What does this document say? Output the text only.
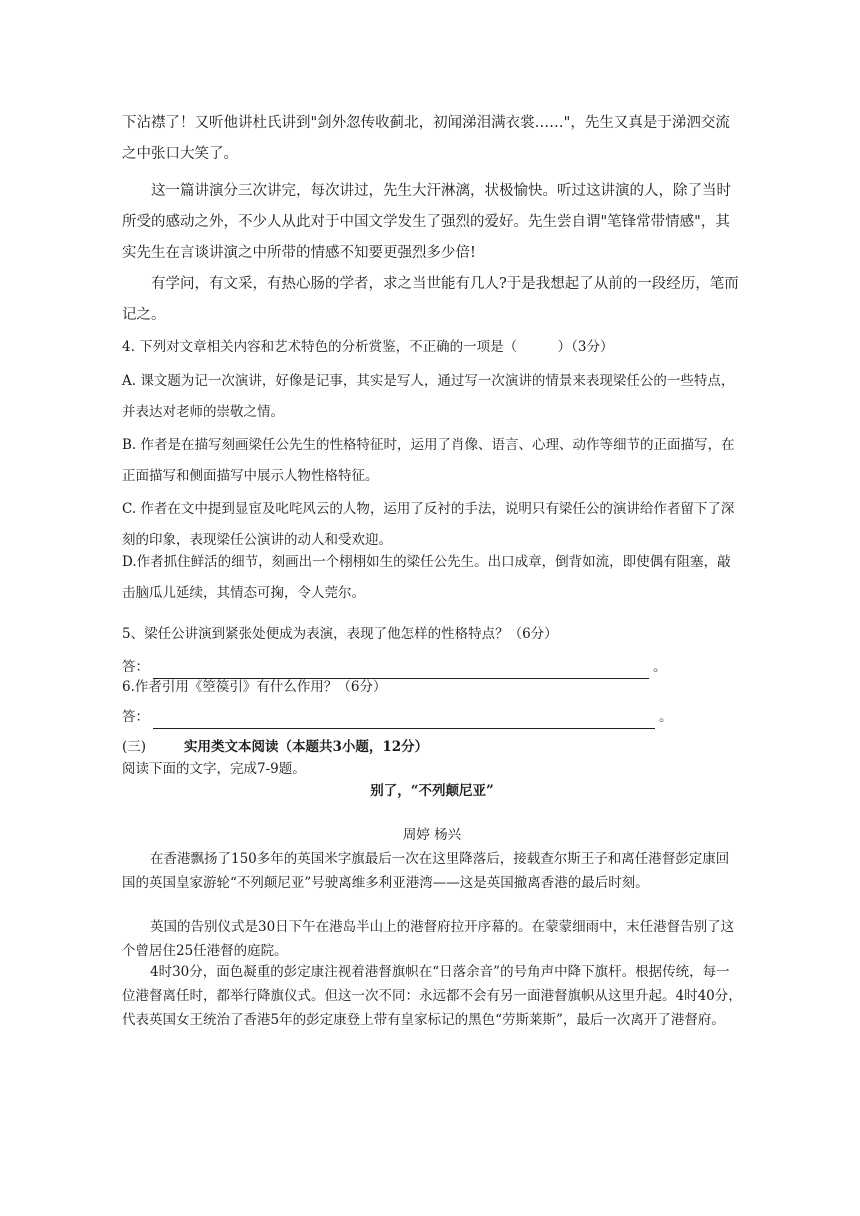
下沾襟了！又听他讲杜氏讲到"剑外忽传收蓟北，初闻涕泪满衣裳……"，先生又真是于涕泗交流之中张口大笑了。

这一篇讲演分三次讲完，每次讲过，先生大汗淋漓，状极愉快。听过这讲演的人，除了当时所受的感动之外，不少人从此对于中国文学发生了强烈的爱好。先生尝自谓"笔锋常带情感"，其实先生在言谈讲演之中所带的情感不知要更强烈多少倍!

有学问，有文采，有热心肠的学者，求之当世能有几人?于是我想起了从前的一段经历，笔而记之。

4. 下列对文章相关内容和艺术特色的分析赏鉴，不正确的一项是（　　　）（3分）

A. 课文题为记一次演讲，好像是记事，其实是写人，通过写一次演讲的情景来表现梁任公的一些特点，并表达对老师的崇敬之情。

B. 作者是在描写刻画梁任公先生的性格特征时，运用了肖像、语言、心理、动作等细节的正面描写，在正面描写和侧面描写中展示人物性格特征。

C. 作者在文中提到显宦及叱咤风云的人物，运用了反衬的手法，说明只有梁任公的演讲给作者留下了深刻的印象，表现梁任公演讲的动人和受欢迎。

D.作者抓住鲜活的细节，刻画出一个栩栩如生的梁任公先生。出口成章，倒背如流，即使偶有阻塞，敲击脑瓜儿延续，其情态可掬，令人莞尔。

5、梁任公讲演到紧张处便成为表演，表现了他怎样的性格特点？（6分）

答：	。

6.作者引用《箜篌引》有什么作用？（6分）

答：	。
(三)	实用类文本阅读（本题共3小题，12分）

阅读下面的文字，完成7-9题。

别了，“不列颠尼亚”

周婷 杨兴

在香港飘扬了150多年的英国米字旗最后一次在这里降落后，接载查尔斯王子和离任港督彭定康回国的英国皇家游轮“不列颠尼亚”号驶离维多利亚港湾——这是英国撤离香港的最后时刻。

英国的告别仪式是30日下午在港岛半山上的港督府拉开序幕的。在蒙蒙细雨中，末任港督告别了这个曾居住25任港督的庭院。

4时30分，面色凝重的彭定康注视着港督旗帜在“日落余音”的号角声中降下旗杆。根据传统，每一位港督离任时，都举行降旗仪式。但这一次不同：永远都不会有另一面港督旗帜从这里升起。4时40分，代表英国女王统治了香港5年的彭定康登上带有皇家标记的黑色“劳斯莱斯”，最后一次离开了港督府。
